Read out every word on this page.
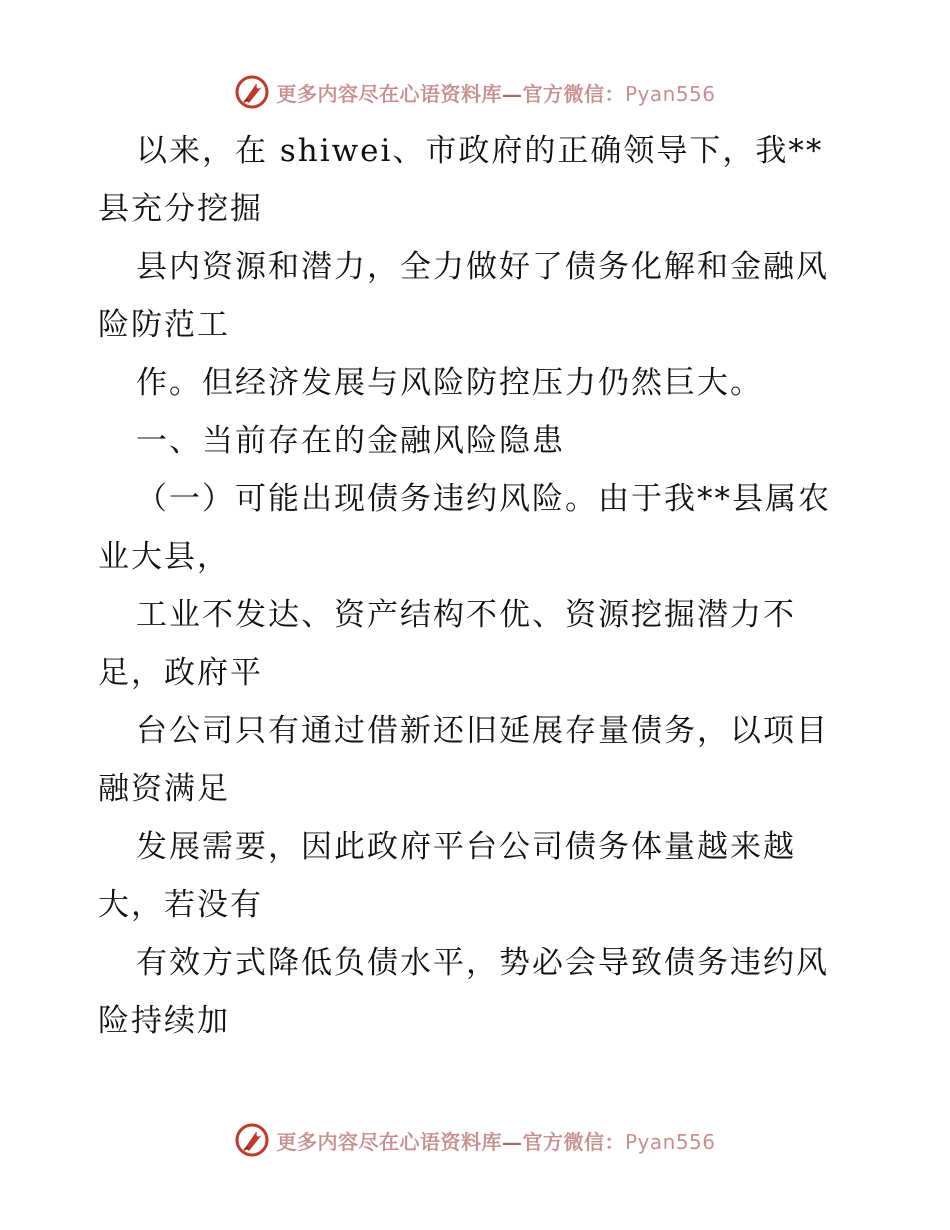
更多内容尽在心语资料库—官方微信：Pyan556
以来，在 shiwei、市政府的正确领导下，我**
县充分挖掘
县内资源和潜力，全力做好了债务化解和金融风
险防范工
作。但经济发展与风险防控压力仍然巨大。
一、当前存在的金融风险隐患
（一）可能出现债务违约风险。由于我**县属农
业大县，
工业不发达、资产结构不优、资源挖掘潜力不
足，政府平
台公司只有通过借新还旧延展存量债务，以项目
融资满足
发展需要，因此政府平台公司债务体量越来越
大，若没有
有效方式降低负债水平，势必会导致债务违约风
险持续加
更多内容尽在心语资料库—官方微信：Pyan556
